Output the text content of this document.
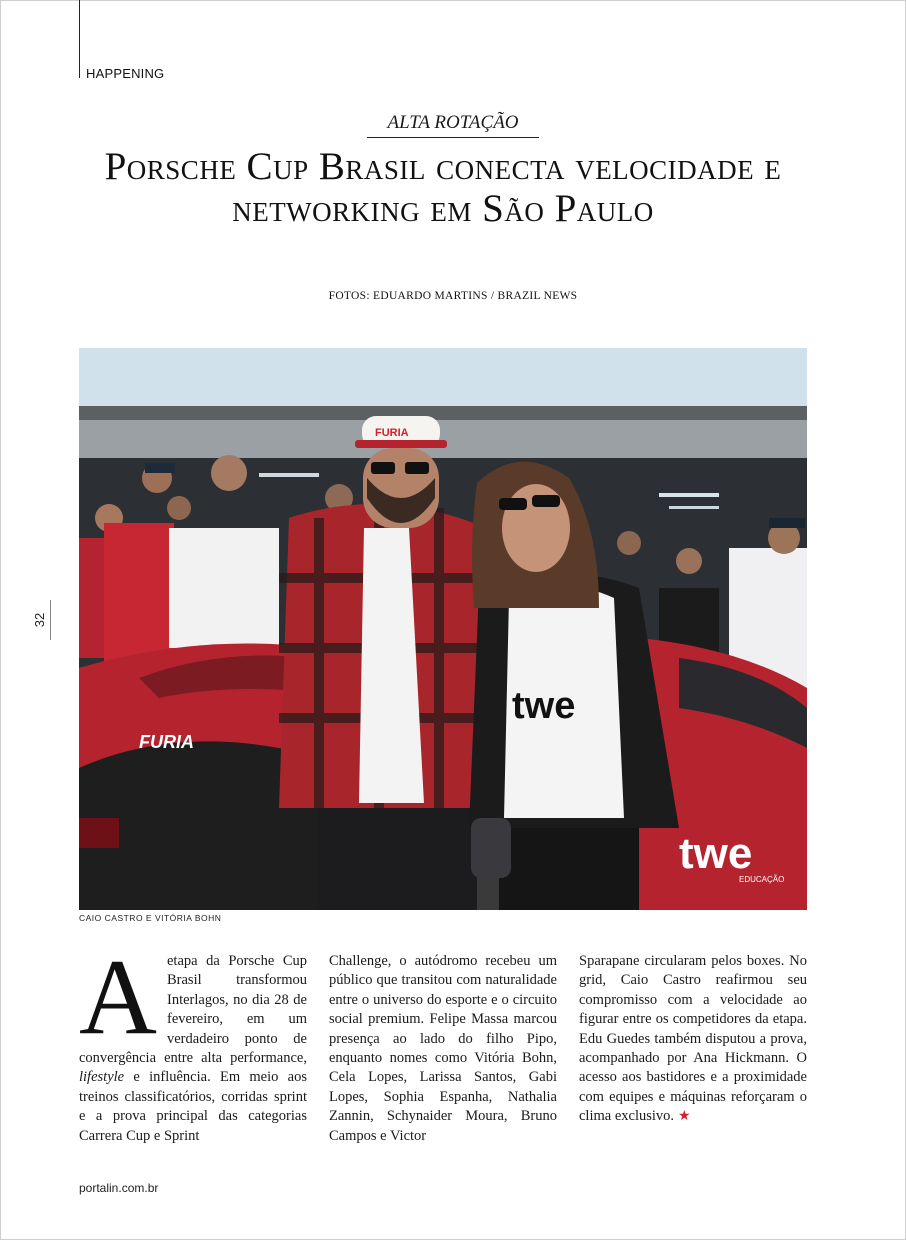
HAPPENING
ALTA ROTAÇÃO
Porsche Cup Brasil conecta velocidade e networking em São Paulo
FOTOS: EDUARDO MARTINS / BRAZIL NEWS
32
FURIA
twe
EDUCAÇÃO
FURIA
twe
CAIO CASTRO E VITÓRIA BOHN
A etapa da Porsche Cup Brasil transformou Interlagos, no dia 28 de fevereiro, em um verdadeiro ponto de convergência entre alta performance, lifestyle e influência. Em meio aos treinos classificatórios, corridas sprint e a prova principal das categorias Carrera Cup e Sprint

Challenge, o autódromo recebeu um público que transitou com naturalidade entre o universo do esporte e o circuito social premium. Felipe Massa marcou presença ao lado do filho Pipo, enquanto nomes como Vitória Bohn, Cela Lopes, Larissa Santos, Gabi Lopes, Sophia Espanha, Nathalia Zannin, Schynaider Moura, Bruno Campos e Victor

Sparapane circularam pelos boxes. No grid, Caio Castro reafirmou seu compromisso com a velocidade ao figurar entre os competidores da etapa. Edu Guedes também disputou a prova, acompanhado por Ana Hickmann. O acesso aos bastidores e a proximidade com equipes e máquinas reforçaram o clima exclusivo. ★

portalin.com.br
